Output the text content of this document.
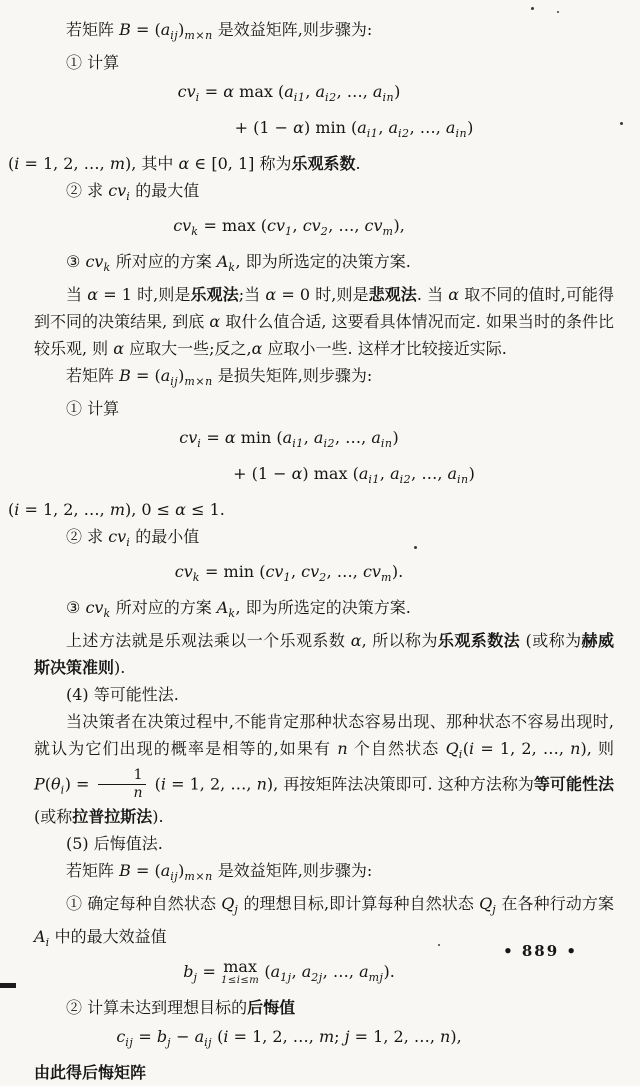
若矩阵 $B = (a_{ij})_{m\times n}$ 是效益矩阵,则步骤为:
① 计算
$cv_i = \alpha$ $\max (a_{i1}$, $a_{i2}$, …, $a_{in}$)
+ (1 − α) $\min (a_{i1}$, $a_{i2}$, …, $a_{in}$)
(i = 1, 2, …, m), 其中 α ∈ [0, 1] 称为乐观系数.
② 求 $cv_i$ 的最大值
$cv_k = \max (cv_1$, $cv_2$, …, $cv_m$),
③ $cv_k$ 所对应的方案 $A_k$, 即为所选定的决策方案.
当 α = 1 时,则是乐观法;当 α = 0 时,则是悲观法. 当 α 取不同的值时,可能得到不同的决策结果, 到底 α 取什么值合适, 这要看具体情况而定. 如果当时的条件比较乐观, 则 α 应取大一些;反之,α 应取小一些. 这样才比较接近实际.
若矩阵 $B = (a_{ij})_{m\times n}$ 是损失矩阵,则步骤为:
① 计算
$cv_i = \alpha$ $\min (a_{i1}$, $a_{i2}$, …, $a_{in}$)
+ (1 − α) $\max (a_{i1}$, $a_{i2}$, …, $a_{in}$)
(i = 1, 2, …, m), 0 ≤ α ≤ 1.
② 求 $cv_i$ 的最小值
$cv_k = \min (cv_1$, $cv_2$, …, $cv_m$).
③ $cv_k$ 所对应的方案 $A_k$, 即为所选定的决策方案.
上述方法就是乐观法乘以一个乐观系数 α, 所以称为乐观系数法 (或称为赫威斯决策准则).
(4) 等可能性法.
当决策者在决策过程中,不能肯定那种状态容易出现、那种状态不容易出现时,就认为它们出现的概率是相等的,如果有 n 个自然状态 $Q_i(i = 1$, 2, …, n), 则 $P(\theta_i) = \frac{1}{n} (i = 1$, 2, …, n), 再按矩阵法决策即可. 这种方法称为等可能性法(或称拉普拉斯法).
(5) 后悔值法.
若矩阵 $B = (a_{ij})_{m\times n}$ 是效益矩阵,则步骤为:
① 确定每种自然状态 $Q_j$ 的理想目标,即计算每种自然状态 $Q_j$ 在各种行动方案 $A_i$ 中的最大效益值
$b_j = \max$
1≤i≤m ($a_{1j}$, $a_{2j}$, …, $a_{mj}$).
② 计算未达到理想目标的后悔值
$c_{ij} = b_j - a_{ij}$ (i = 1, 2, …, m; j = 1, 2, …, n),
由此得后悔矩阵
• 889 •
